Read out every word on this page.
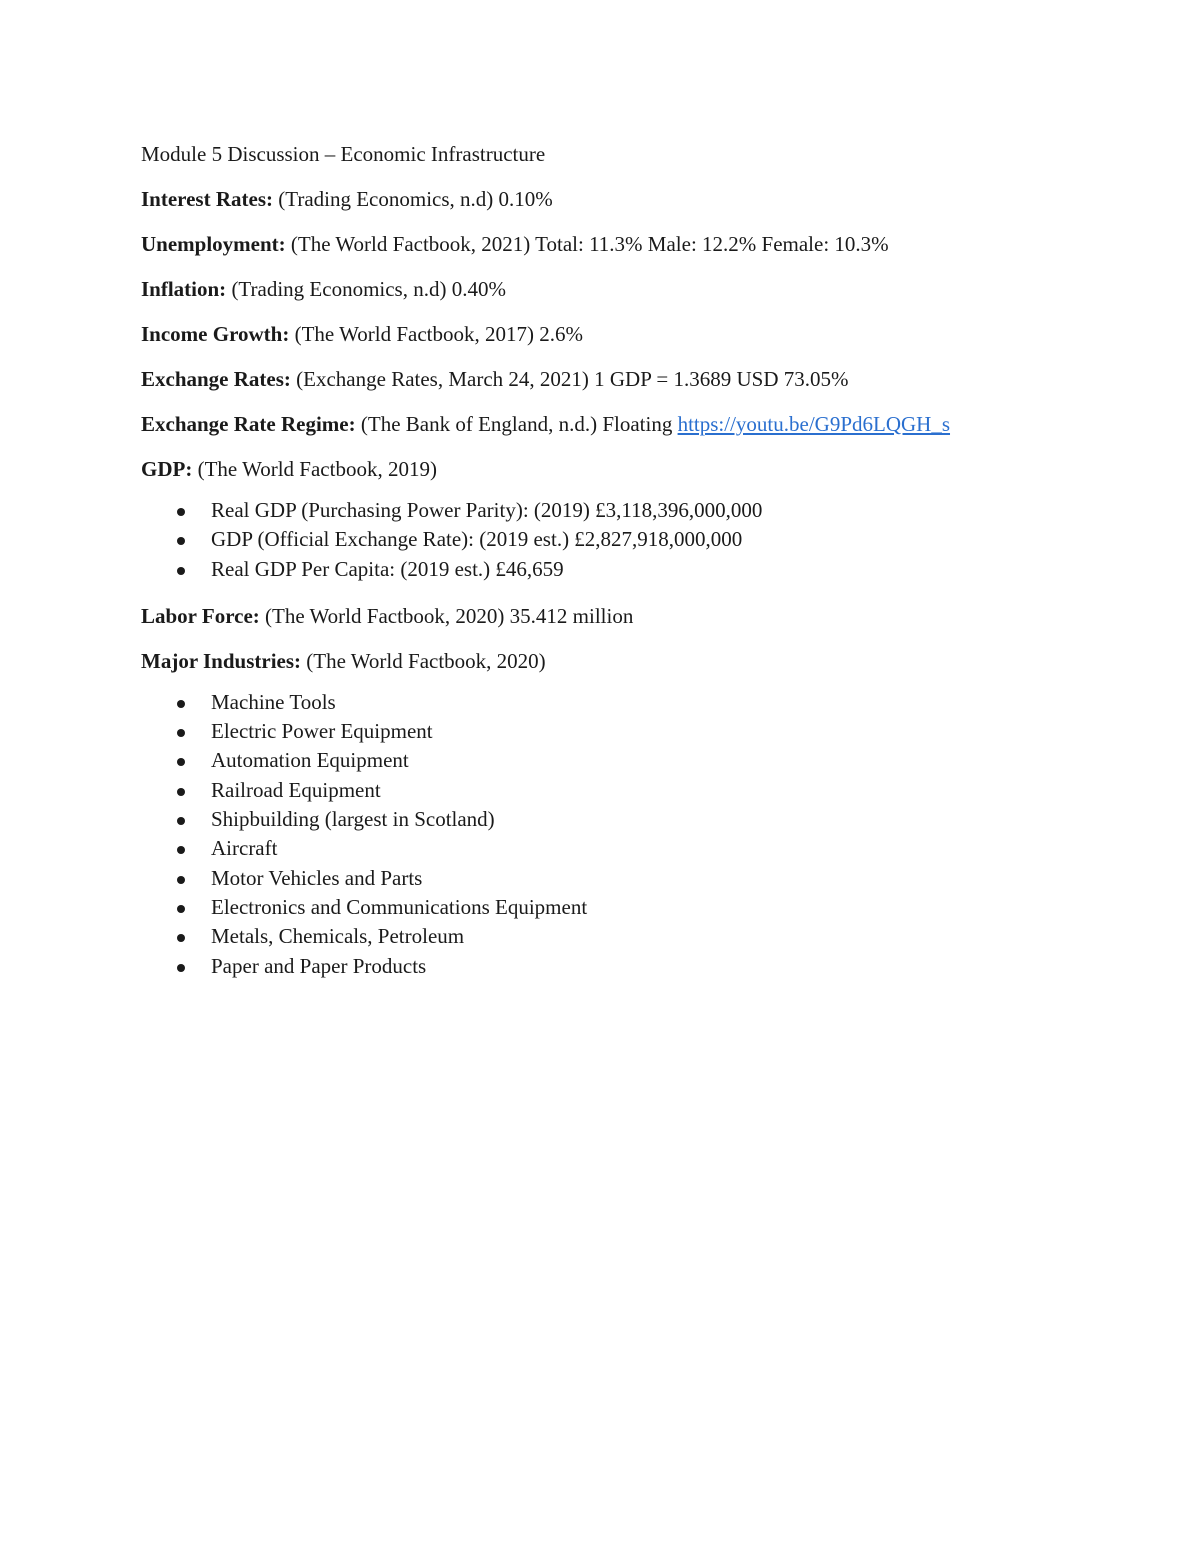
Module 5 Discussion – Economic Infrastructure

Interest Rates: (Trading Economics, n.d) 0.10%

Unemployment: (The World Factbook, 2021) Total: 11.3% Male: 12.2% Female: 10.3%

Inflation: (Trading Economics, n.d) 0.40%

Income Growth: (The World Factbook, 2017) 2.6%

Exchange Rates: (Exchange Rates, March 24, 2021) 1 GDP = 1.3689 USD 73.05%

Exchange Rate Regime: (The Bank of England, n.d.) Floating https://youtu.be/G9Pd6LQGH_s

GDP: (The World Factbook, 2019)

Real GDP (Purchasing Power Parity): (2019) £3,118,396,000,000
GDP (Official Exchange Rate): (2019 est.) £2,827,918,000,000
Real GDP Per Capita: (2019 est.) £46,659

Labor Force: (The World Factbook, 2020) 35.412 million

Major Industries: (The World Factbook, 2020)

Machine Tools
Electric Power Equipment
Automation Equipment
Railroad Equipment
Shipbuilding (largest in Scotland)
Aircraft
Motor Vehicles and Parts
Electronics and Communications Equipment
Metals, Chemicals, Petroleum
Paper and Paper Products
